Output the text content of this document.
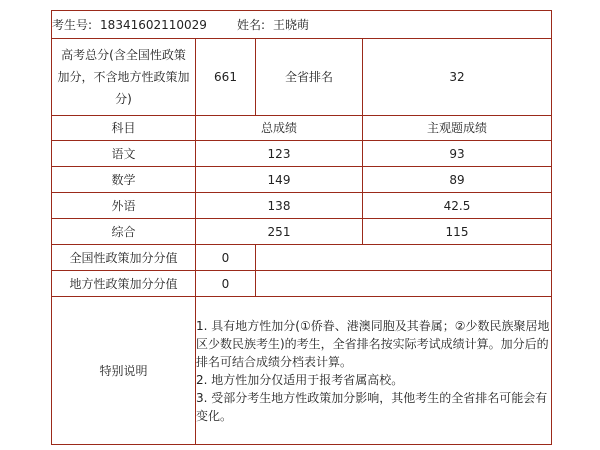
考生号: 18341602110029 姓名: 王晓萌			
高考总分(含全国性政策加分，不含地方性政策加分)	661	全省排名	32
科目	总成绩		主观题成绩
语文	123		93
数学	149		89
外语	138		42.5
综合	251		115
全国性政策加分分值	0		
地方性政策加分分值	0		
特别说明	1. 具有地方性加分(①侨眷、港澳同胞及其眷属；②少数民族聚居地区少数民族考生)的考生，全省排名按实际考试成绩计算。加分后的排名可结合成绩分档表计算。
2. 地方性加分仅适用于报考省属高校。
3. 受部分考生地方性政策加分影响，其他考生的全省排名可能会有变化。		
